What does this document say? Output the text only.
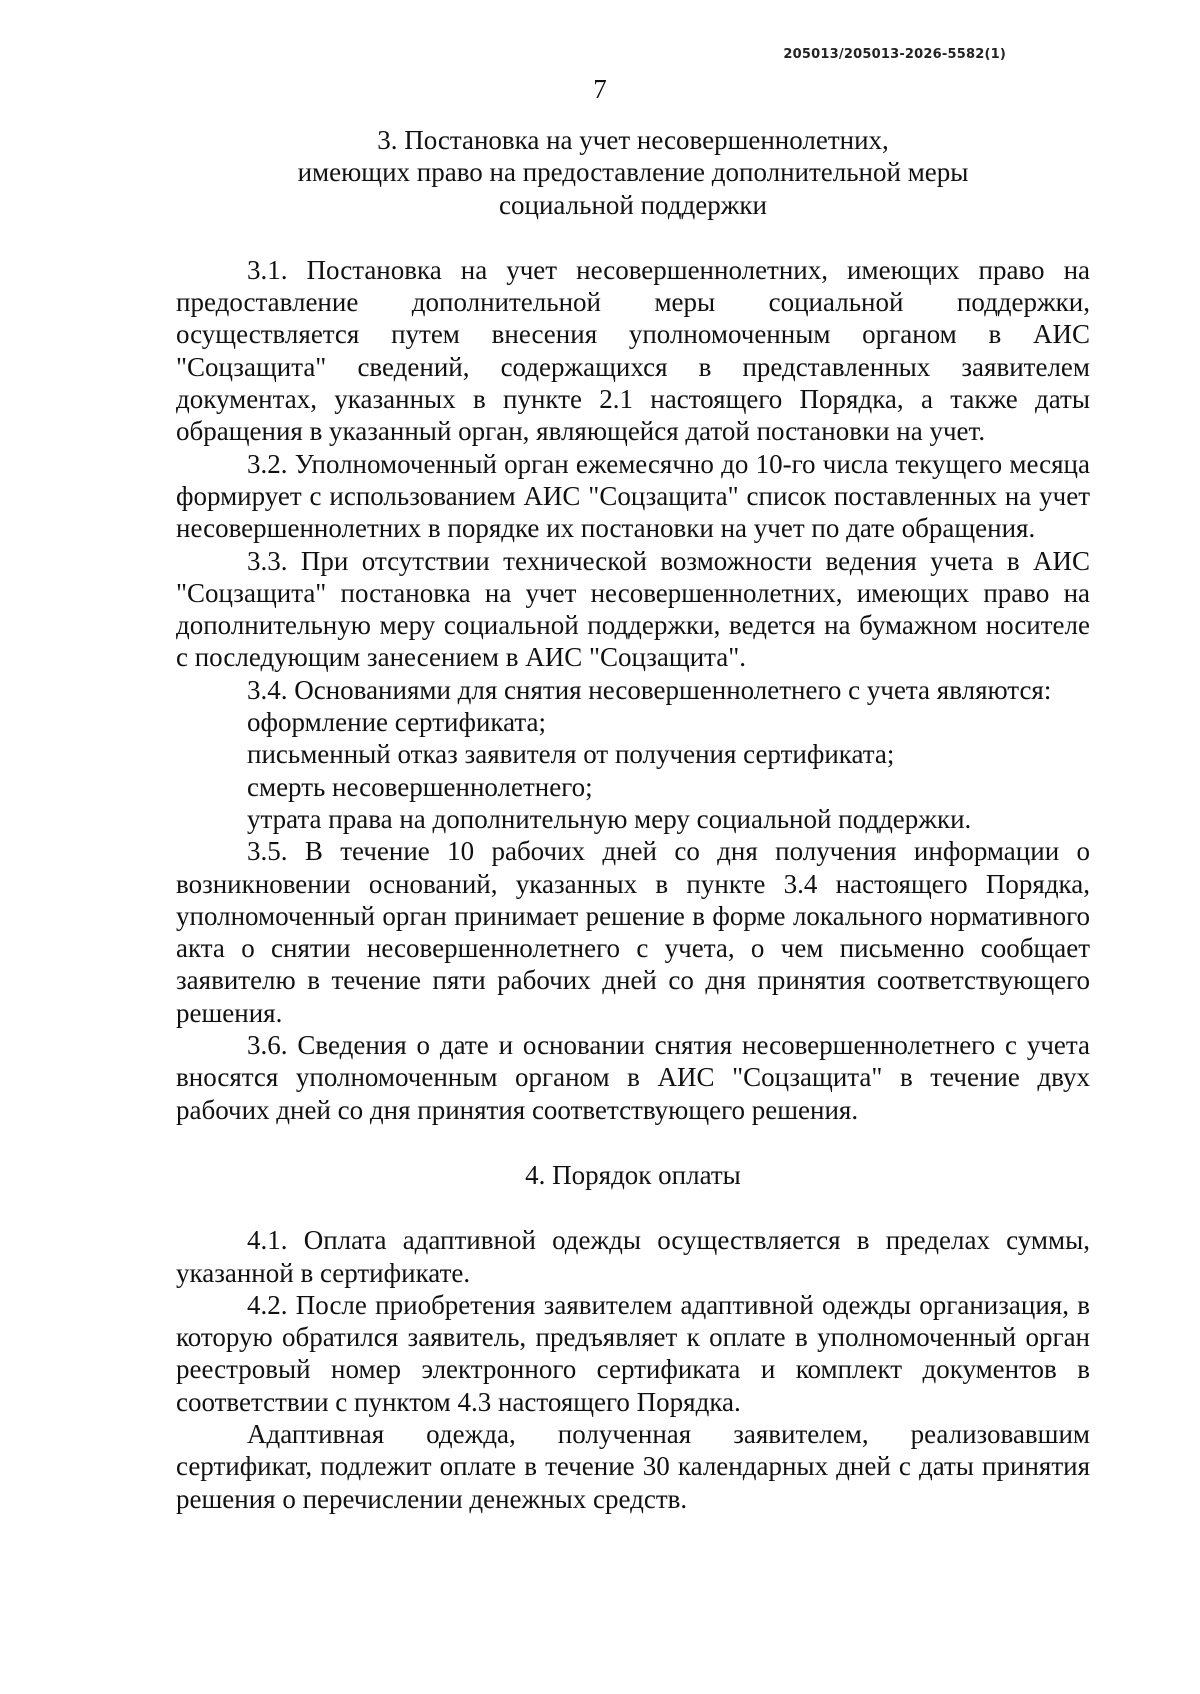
205013/205013-2026-5582(1)
7
3. Постановка на учет несовершеннолетних,
имеющих право на предоставление дополнительной меры
социальной поддержки

3.1. Постановка на учет несовершеннолетних, имеющих право на предоставление дополнительной меры социальной поддержки, осуществляется путем внесения уполномоченным органом в АИС "Соцзащита" сведений, содержащихся в представленных заявителем документах, указанных в пункте 2.1 настоящего Порядка, а также даты обращения в указанный орган, являющейся датой постановки на учет.

3.2. Уполномоченный орган ежемесячно до 10-го числа текущего месяца формирует с использованием АИС "Соцзащита" список поставленных на учет несовершеннолетних в порядке их постановки на учет по дате обращения.

3.3. При отсутствии технической возможности ведения учета в АИС "Соцзащита" постановка на учет несовершеннолетних, имеющих право на дополнительную меру социальной поддержки, ведется на бумажном носителе с последующим занесением в АИС "Соцзащита".

3.4. Основаниями для снятия несовершеннолетнего с учета являются:

оформление сертификата;

письменный отказ заявителя от получения сертификата;

смерть несовершеннолетнего;

утрата права на дополнительную меру социальной поддержки.

3.5. В течение 10 рабочих дней со дня получения информации о возникновении оснований, указанных в пункте 3.4 настоящего Порядка, уполномоченный орган принимает решение в форме локального нормативного акта о снятии несовершеннолетнего с учета, о чем письменно сообщает заявителю в течение пяти рабочих дней со дня принятия соответствующего решения.

3.6. Сведения о дате и основании снятия несовершеннолетнего с учета вносятся уполномоченным органом в АИС "Соцзащита" в течение двух рабочих дней со дня принятия соответствующего решения.

4. Порядок оплаты

4.1. Оплата адаптивной одежды осуществляется в пределах суммы, указанной в сертификате.

4.2. После приобретения заявителем адаптивной одежды организация, в которую обратился заявитель, предъявляет к оплате в уполномоченный орган реестровый номер электронного сертификата и комплект документов в соответствии с пунктом 4.3 настоящего Порядка.

Адаптивная одежда, полученная заявителем, реализовавшим сертификат, подлежит оплате в течение 30 календарных дней с даты принятия решения о перечислении денежных средств.
